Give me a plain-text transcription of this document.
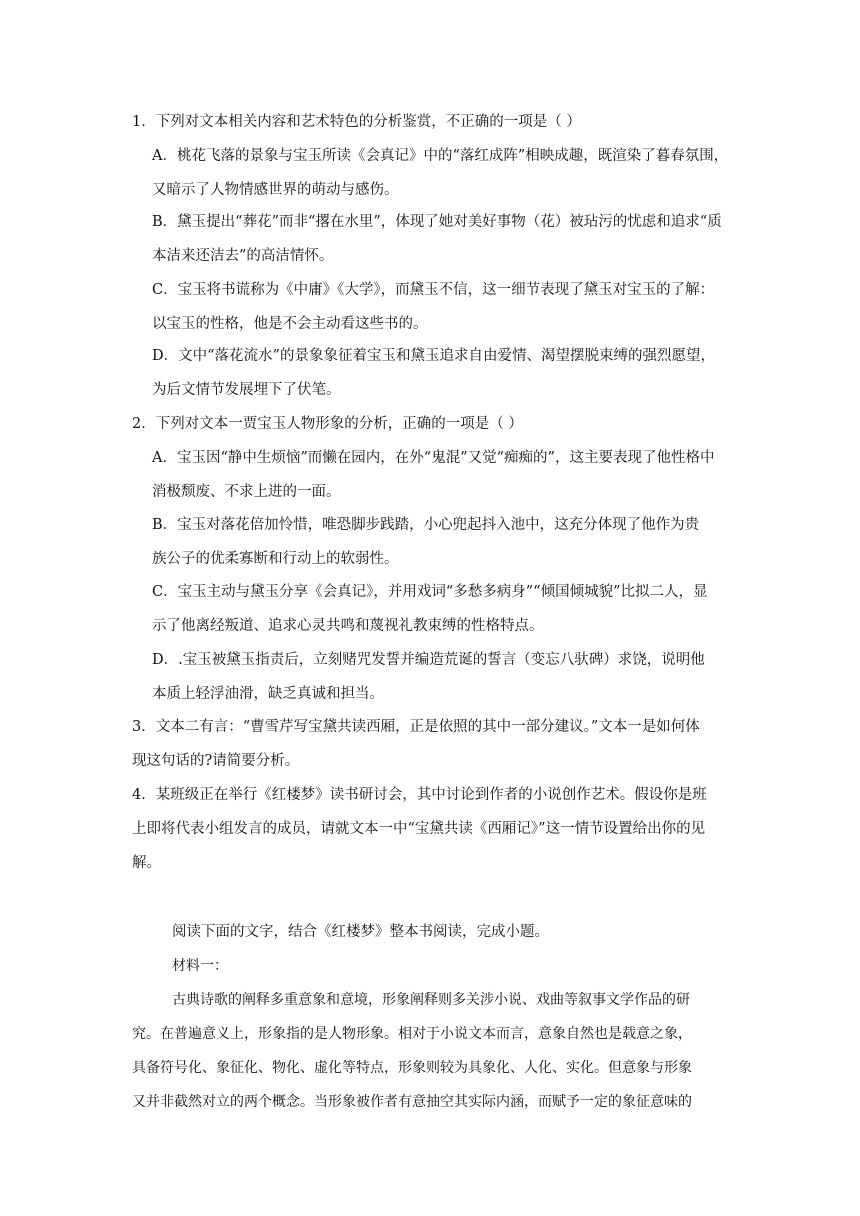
1．下列对文本相关内容和艺术特色的分析鉴赏，不正确的一项是（ ）
A．桃花飞落的景象与宝玉所读《会真记》中的“落红成阵”相映成趣，既渲染了暮春氛围，
又暗示了人物情感世界的萌动与感伤。
B．黛玉提出“葬花”而非“撂在水里”，体现了她对美好事物（花）被玷污的忧虑和追求“质
本洁来还洁去”的高洁情怀。
C．宝玉将书谎称为《中庸》《大学》，而黛玉不信，这一细节表现了黛玉对宝玉的了解：
以宝玉的性格，他是不会主动看这些书的。
D．文中“落花流水”的景象象征着宝玉和黛玉追求自由爱情、渴望摆脱束缚的强烈愿望，
为后文情节发展埋下了伏笔。
2．下列对文本一贾宝玉人物形象的分析，正确的一项是（ ）
A．宝玉因“静中生烦恼”而懒在园内，在外“鬼混”又觉“痴痴的”，这主要表现了他性格中
消极颓废、不求上进的一面。
B．宝玉对落花倍加怜惜，唯恐脚步践踏，小心兜起抖入池中，这充分体现了他作为贵
族公子的优柔寡断和行动上的软弱性。
C．宝玉主动与黛玉分享《会真记》，并用戏词“多愁多病身”“倾国倾城貌”比拟二人，显
示了他离经叛道、追求心灵共鸣和蔑视礼教束缚的性格特点。
D．.宝玉被黛玉指责后，立刻赌咒发誓并编造荒诞的誓言（变忘八驮碑）求饶，说明他
本质上轻浮油滑，缺乏真诚和担当。
3．文本二有言：“曹雪芹写宝黛共读西厢，正是依照的其中一部分建议。”文本一是如何体
现这句话的?请简要分析。
4．某班级正在举行《红楼梦》读书研讨会，其中讨论到作者的小说创作艺术。假设你是班
上即将代表小组发言的成员，请就文本一中“宝黛共读《西厢记》”这一情节设置给出你的见
解。
阅读下面的文字，结合《红楼梦》整本书阅读，完成小题。
材料一：
古典诗歌的阐释多重意象和意境，形象阐释则多关涉小说、戏曲等叙事文学作品的研
究。在普遍意义上，形象指的是人物形象。相对于小说文本而言，意象自然也是载意之象，
具备符号化、象征化、物化、虚化等特点，形象则较为具象化、人化、实化。但意象与形象
又并非截然对立的两个概念。当形象被作者有意抽空其实际内涵，而赋予一定的象征意味的
